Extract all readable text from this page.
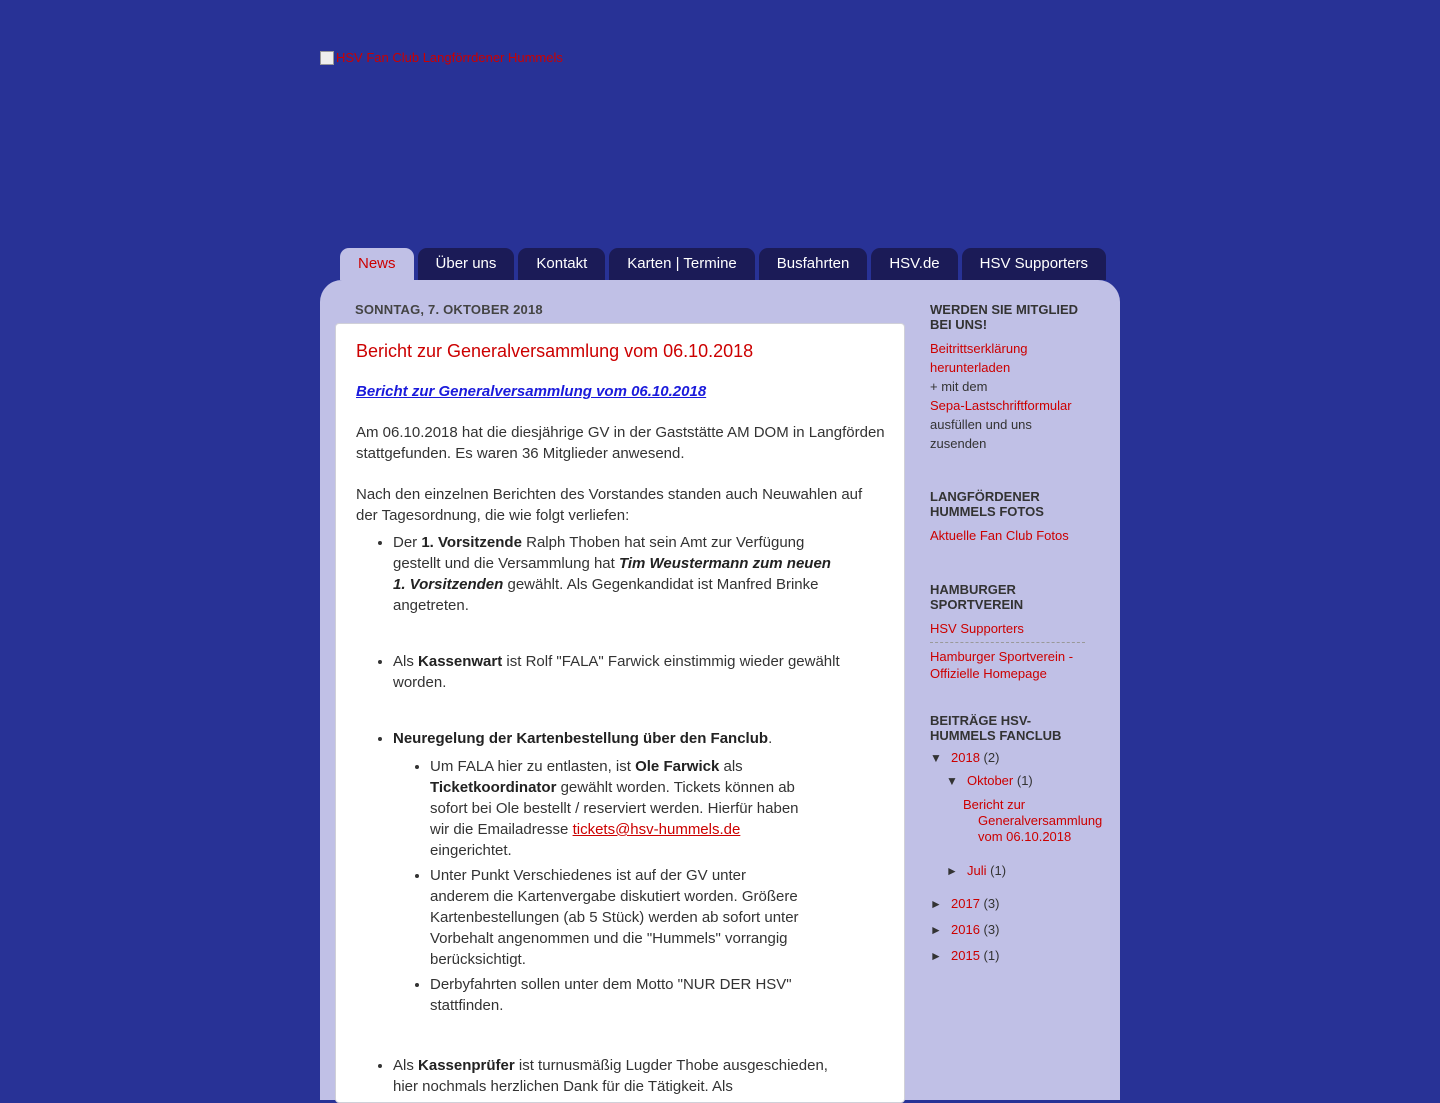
HSV Fan Club Langförrdener Hummels
News	Über uns	Kontakt	Karten | Termine	Busfahrten	HSV.de	HSV Supporters
SONNTAG, 7. OKTOBER 2018
Bericht zur Generalversammlung vom 06.10.2018
Bericht zur Generalversammlung vom 06.10.2018
Am 06.10.2018 hat die diesjährige GV in der Gaststätte AM DOM in Langförden stattgefunden. Es waren 36 Mitglieder anwesend.
Nach den einzelnen Berichten des Vorstandes standen auch Neuwahlen auf der Tagesordnung, die wie folgt verliefen:
• Der 1. Vorsitzende Ralph Thoben hat sein Amt zur Verfügung gestellt und die Versammlung hat Tim Weustermann zum neuen 1. Vorsitzenden gewählt. Als Gegenkandidat ist Manfred Brinke angetreten.
• Als Kassenwart ist Rolf "FALA" Farwick einstimmig wieder gewählt worden.
• Neuregelung der Kartenbestellung über den Fanclub.
• Um FALA hier zu entlasten, ist Ole Farwick als Ticketkoordinator gewählt worden. Tickets können ab sofort bei Ole bestellt / reserviert werden. Hierfür haben wir die Emailadresse tickets@hsv-hummels.de eingerichtet.
• Unter Punkt Verschiedenes ist auf der GV unter anderem die Kartenvergabe diskutiert worden. Größere Kartenbestellungen (ab 5 Stück) werden ab sofort unter Vorbehalt angenommen und die "Hummels" vorrangig berücksichtigt.
• Derbyfahrten sollen unter dem Motto "NUR DER HSV" stattfinden.
• Als Kassenprüfer ist turnusmäßig Lugder Thobe ausgeschieden, hier nochmals herzlichen Dank für die Tätigkeit. Als
WERDEN SIE MITGLIED BEI UNS!
Beitrittserklärung herunterladen
+ mit dem
Sepa-Lastschriftformular
ausfüllen und uns zusenden
LANGFÖRDENER HUMMELS FOTOS
Aktuelle Fan Club Fotos
HAMBURGER SPORTVEREIN
HSV Supporters
Hamburger Sportverein - Offizielle Homepage
BEITRÄGE HSV-HUMMELS FANCLUB
▼ 2018 (2)
▼ Oktober (1)
Bericht zur Generalversammlung vom 06.10.2018
► Juli (1)
► 2017 (3)
► 2016 (3)
► 2015 (1)
